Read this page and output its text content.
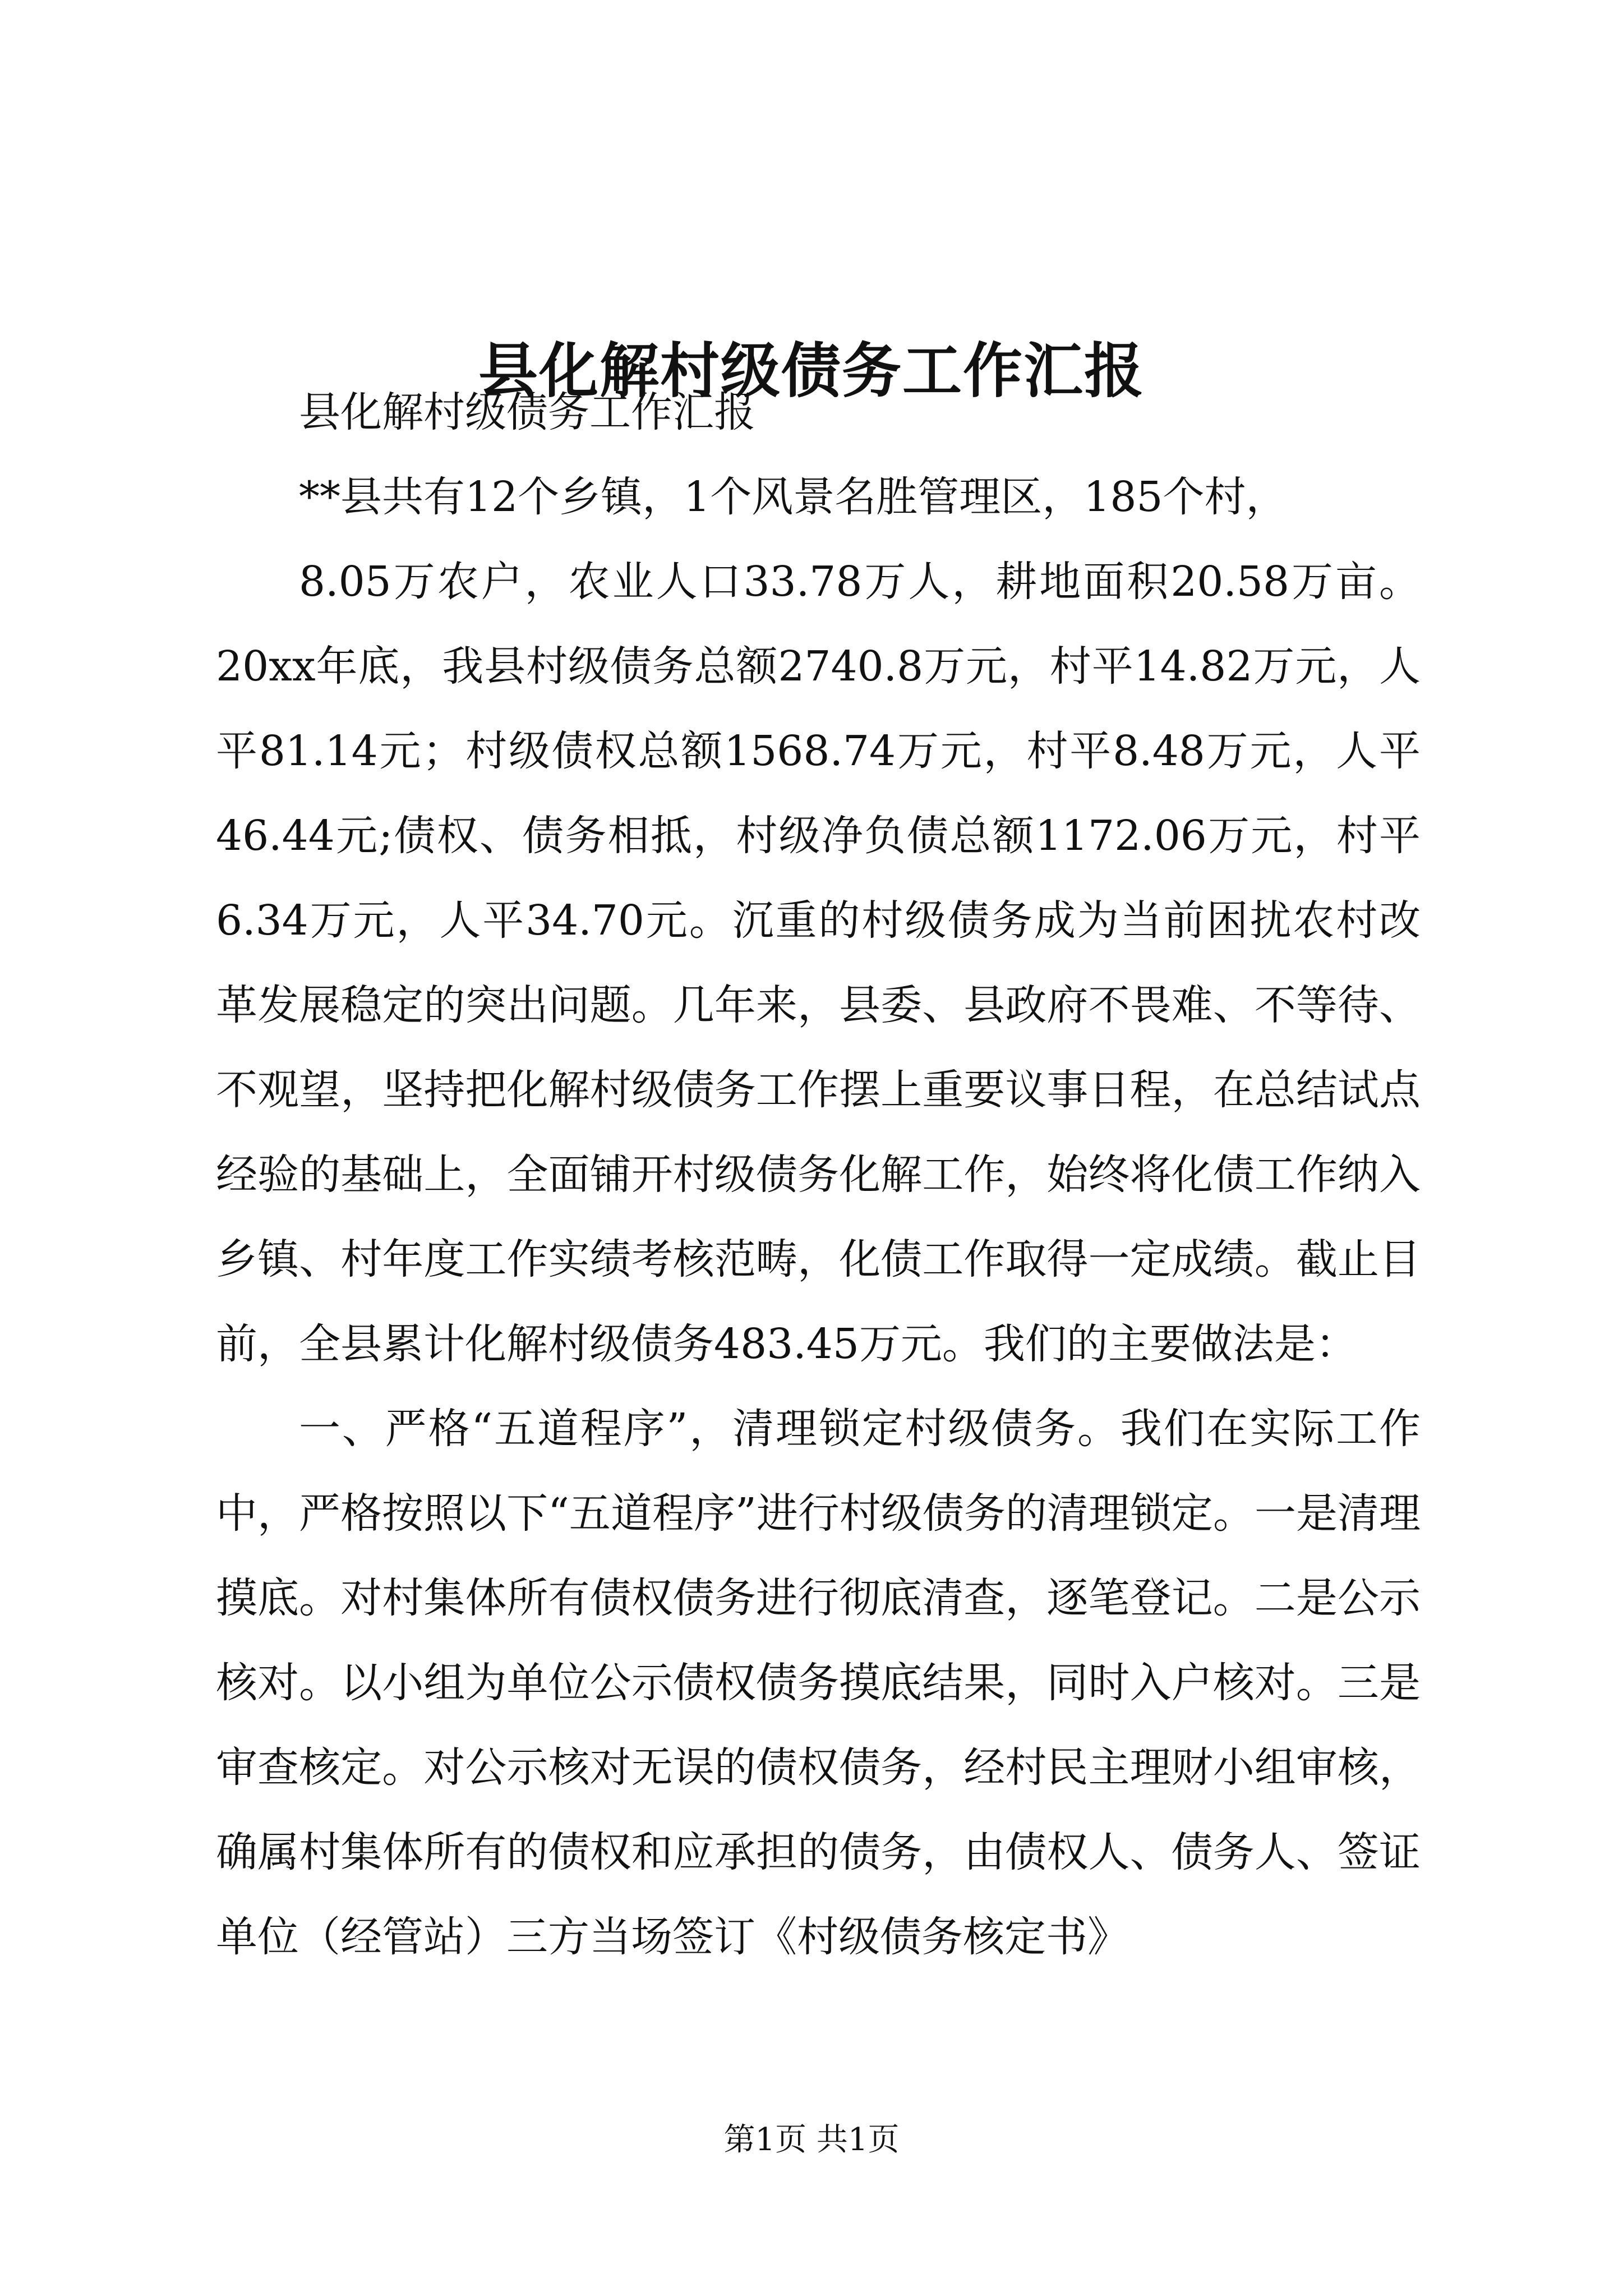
县化解村级债务工作汇报

县化解村级债务工作汇报

**县共有12个乡镇，1个风景名胜管理区，185个村，

8.05万农户，农业人口33.78万人，耕地面积20.58万亩。20xx年底，我县村级债务总额2740.8万元，村平14.82万元，人平81.14元；村级债权总额1568.74万元，村平8.48万元，人平46.44元;债权、债务相抵，村级净负债总额1172.06万元，村平6.34万元，人平34.70元。沉重的村级债务成为当前困扰农村改革发展稳定的突出问题。几年来，县委、县政府不畏难、不等待、不观望，坚持把化解村级债务工作摆上重要议事日程，在总结试点经验的基础上，全面铺开村级债务化解工作，始终将化债工作纳入乡镇、村年度工作实绩考核范畴，化债工作取得一定成绩。截止目前，全县累计化解村级债务483.45万元。我们的主要做法是：

一、严格“五道程序”，清理锁定村级债务。我们在实际工作中，严格按照以下“五道程序”进行村级债务的清理锁定。一是清理摸底。对村集体所有债权债务进行彻底清查，逐笔登记。二是公示核对。以小组为单位公示债权债务摸底结果，同时入户核对。三是审查核定。对公示核对无误的债权债务，经村民主理财小组审核，确属村集体所有的债权和应承担的债务，由债权人、债务人、签证单位（经管站）三方当场签订《村级债务核定书》

第1页 共1页
